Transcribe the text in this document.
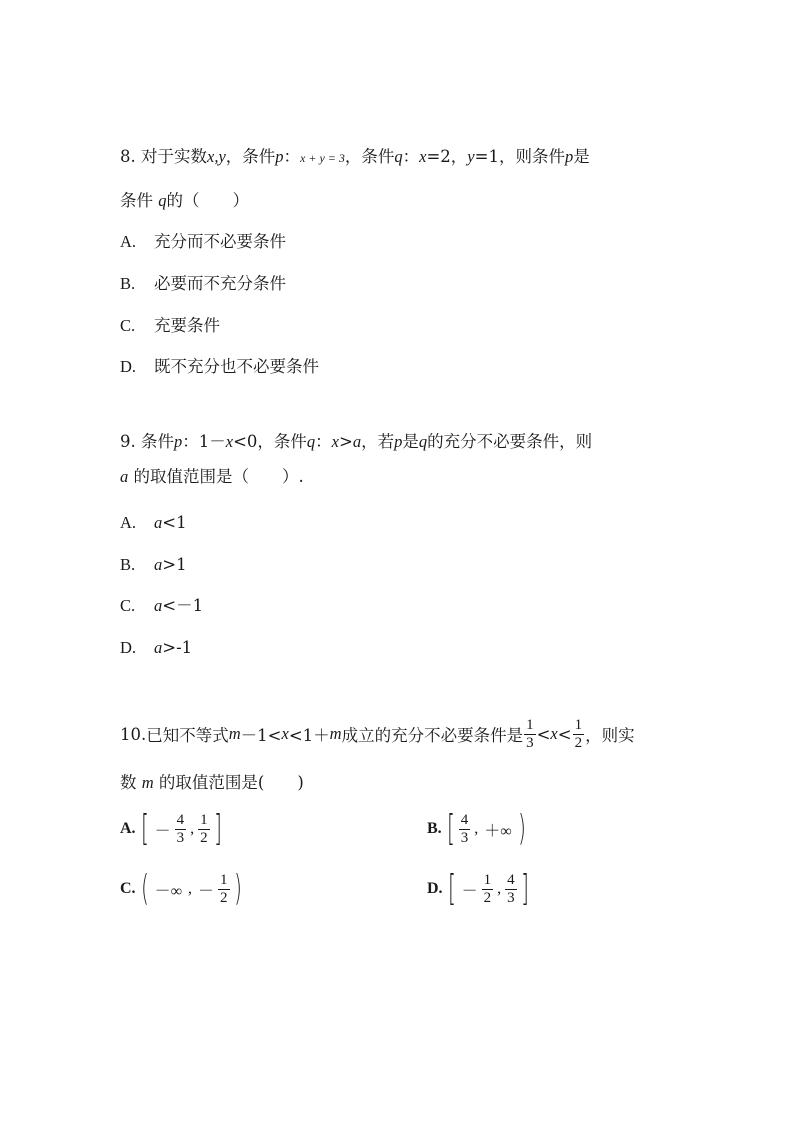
8. 对于实数x,y，条件p：x + y = 3，条件q：x=2，y=1，则条件p是
条件 q的（　　）
A. 充分而不必要条件
B. 必要而不充分条件
C. 充要条件
D. 既不充分也不必要条件
9. 条件p：1－x<0，条件q：x>a，若p是q的充分不必要条件，则
a 的取值范围是（　　）.
A. a<1
B. a>1
C. a<－1
D. a>-1
10. 已知不等式 m －1< x <1＋ m 成立的充分不必要条件是 $\frac{1}{3} < x < \frac{1}{2}$ ，则实
数 m 的取值范围是(　　)
A. [ － $\frac{4}{3}$ , $\frac{1}{2}$ ]	B. [ $\frac{4}{3}$ , ＋∞ )
C. ( －∞ , － $\frac{1}{2}$ )	D. [ － $\frac{1}{2}$ , $\frac{4}{3}$ ]
